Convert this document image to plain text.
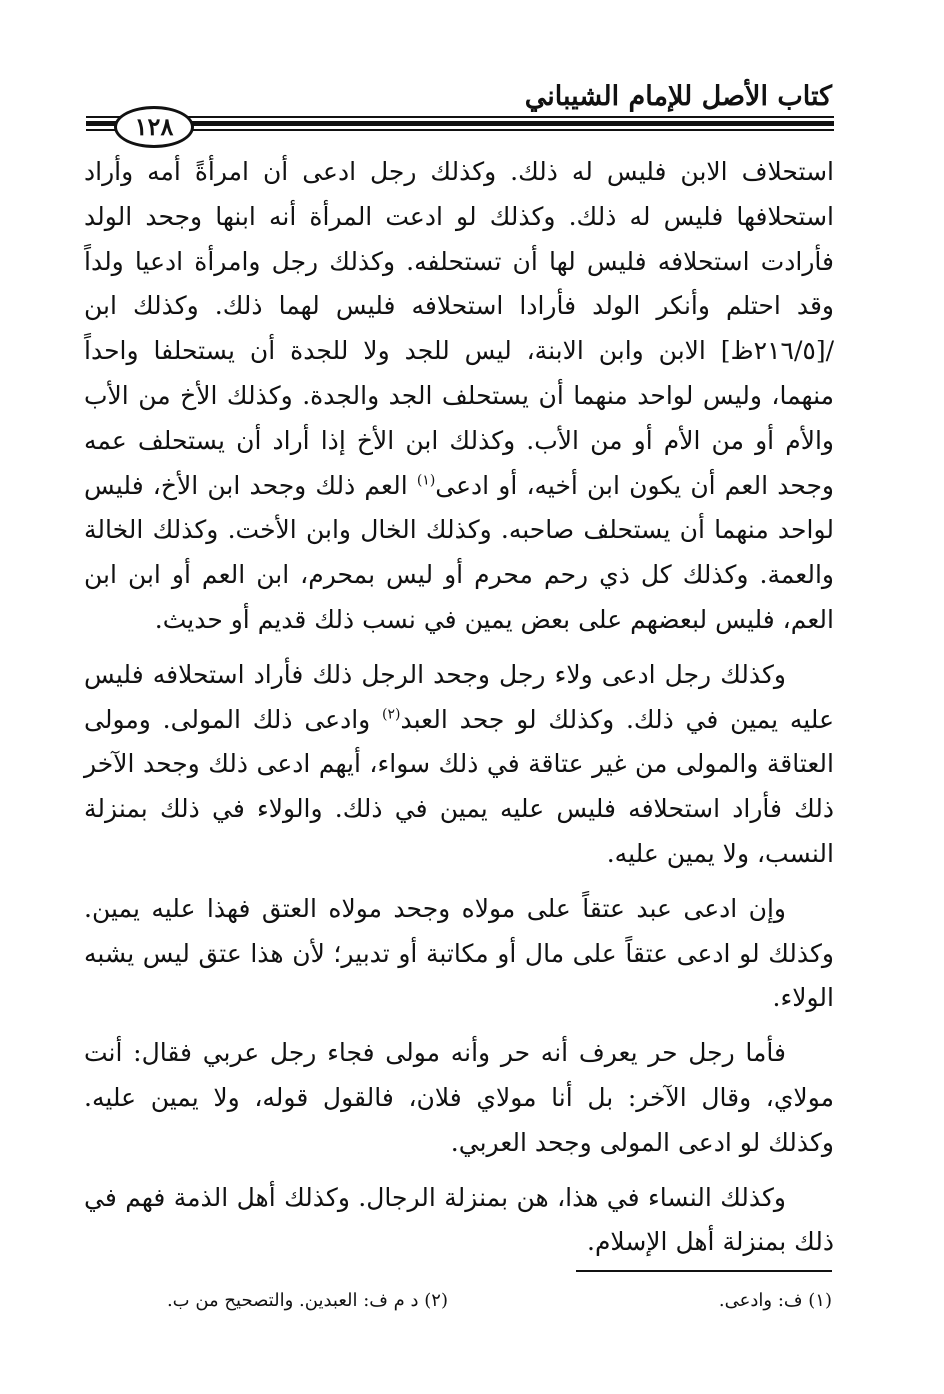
كتاب الأصل للإمام الشيباني
١٢٨

استحلاف الابن فليس له ذلك. وكذلك رجل ادعى أن امرأةً أمه وأراد استحلافها فليس له ذلك. وكذلك لو ادعت المرأة أنه ابنها وجحد الولد فأرادت استحلافه فليس لها أن تستحلفه. وكذلك رجل وامرأة ادعيا ولداً وقد احتلم وأنكر الولد فأرادا استحلافه فليس لهما ذلك. وكذلك ابن /[٢١٦/٥ظ] الابن وابن الابنة، ليس للجد ولا للجدة أن يستحلفا واحداً منهما، وليس لواحد منهما أن يستحلف الجد والجدة. وكذلك الأخ من الأب والأم أو من الأم أو من الأب. وكذلك ابن الأخ إذا أراد أن يستحلف عمه وجحد العم أن يكون ابن أخيه، أو ادعى$^{(١)}$ العم ذلك وجحد ابن الأخ، فليس لواحد منهما أن يستحلف صاحبه. وكذلك الخال وابن الأخت. وكذلك الخالة والعمة. وكذلك كل ذي رحم محرم أو ليس بمحرم، ابن العم أو ابن ابن العم، فليس لبعضهم على بعض يمين في نسب ذلك قديم أو حديث.

وكذلك رجل ادعى ولاء رجل وجحد الرجل ذلك فأراد استحلافه فليس عليه يمين في ذلك. وكذلك لو جحد العبد$^{(٢)}$ وادعى ذلك المولى. ومولى العتاقة والمولى من غير عتاقة في ذلك سواء، أيهم ادعى ذلك وجحد الآخر ذلك فأراد استحلافه فليس عليه يمين في ذلك. والولاء في ذلك بمنزلة النسب، ولا يمين عليه.

وإن ادعى عبد عتقاً على مولاه وجحد مولاه العتق فهذا عليه يمين. وكذلك لو ادعى عتقاً على مال أو مكاتبة أو تدبير؛ لأن هذا عتق ليس يشبه الولاء.

فأما رجل حر يعرف أنه حر وأنه مولى فجاء رجل عربي فقال: أنت مولاي، وقال الآخر: بل أنا مولاي فلان، فالقول قوله، ولا يمين عليه. وكذلك لو ادعى المولى وجحد العربي.

وكذلك النساء في هذا، هن بمنزلة الرجال. وكذلك أهل الذمة فهم في ذلك بمنزلة أهل الإسلام.

(١) ف: وادعى.
(٢) د م ف: العبدين. والتصحيح من ب.
